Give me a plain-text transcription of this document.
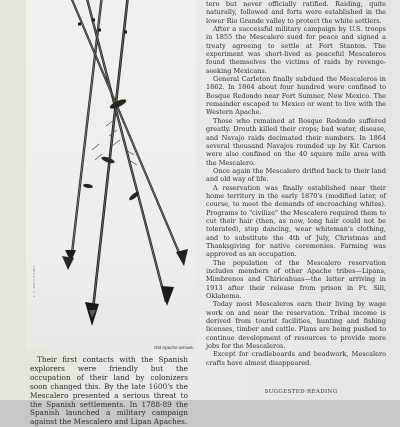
L. C. KRUG STUDIO
Old Apache arrows.

Their first contacts with the Spanish explorers were friendly but the occupation of their land by colonizers soon changed this. By the late 1600's the Mescalero presented a serious threat to the Spanish settlements. In 1788-89 the Spanish launched a military campaign against the Mescalero and Lipan Apaches.

tero but never officially ratified. Raiding, quite naturally, followed and forts were established in the lower Rio Grande valley to protect the white settlers.

After a successful military campaign by U.S. troops in 1855 the Mescalero sued for peace and signed a treaty agreeing to settle at Fort Stanton. The experiment was short-lived as peaceful Mescaleros found themselves the victims of raids by revenge-seeking Mexicans.

General Carleton finally subdued the Mescaleros in 1862. In 1864 about four hundred were confined to Bosque Redondo near Fort Sumner, New Mexico. The remainder escaped to Mexico or went to live with the Western Apache.

Those who remained at Bosque Redondo suffered greatly. Drouth killed their crops; bad water, disease, and Navajo raids decimated their numbers. In 1864 several thousand Navajos rounded up by Kit Carson were also confined on the 40 square mile area with the Mescalero.

Once again the Mescalero drifted back to their land and old way of life.

A reservation was finally established near their home territory in the early 1870's (modified later, of course, to meet the demands of encroaching whites). Programs to "civilize" the Mescalero required them to cut their hair (then, as now, long hair could not be tolerated), stop dancing, wear whiteman's clothing, and to substitute the 4th of July, Christmas and Thanksgiving for native ceremonies. Farming was approved as an occupation.

The population of the Mescalero reservation includes members of other Apache tribes—Lipans, Mimbrenos and Chiricahuas—the latter arriving in 1913 after their release from prison in Ft. Sill, Oklahoma.

Today most Mescaleros earn their living by wage work on and near the reservation. Tribal income is derived from tourist facilities, hunting and fishing licenses, timber and cattle. Plans are being pushed to continue development of resources to provide more jobs for the Mescaleros.

Except for cradleboards and beadwork, Mescalero crafts have almost disappeared.

SUGGESTED READING
